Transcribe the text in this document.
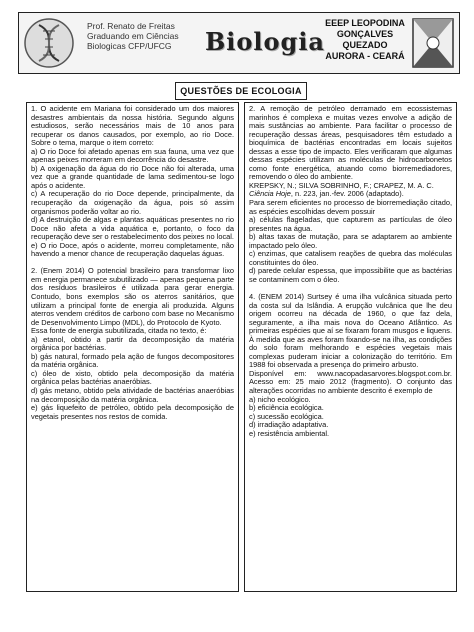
Prof. Renato de Freitas
Graduando em Ciências
Biologicas CFP/UFCG	Biologia
EEEP LEOPODINA
GONÇALVES
QUEZADO
AURORA - CEARÁ
QUESTÕES DE ECOLOGIA

1. O acidente em Mariana foi considerado um dos maiores desastres ambientais da nossa história. Segundo alguns estudiosos, serão necessários mais de 10 anos para recuperar os danos causados, por exemplo, ao rio Doce. Sobre o tema, marque o item correto:

a) O rio Doce foi afetado apenas em sua fauna, uma vez que apenas peixes morreram em decorrência do desastre.

b) A oxigenação da água do rio Doce não foi alterada, uma vez que a grande quantidade de lama sedimentou-se logo após o acidente.

c) A recuperação do rio Doce depende, principalmente, da recuperação da oxigenação da água, pois só assim organismos poderão voltar ao rio.

d) A destruição de algas e plantas aquáticas presentes no rio Doce não afeta a vida aquática e, portanto, o foco da recuperação deve ser o restabelecimento dos peixes no local.

e) O rio Doce, após o acidente, morreu completamente, não havendo a menor chance de recuperação daquelas águas.

2. (Enem 2014) O potencial brasileiro para transformar lixo em energia permanece subutilizado — apenas pequena parte dos resíduos brasileiros é utilizada para gerar energia. Contudo, bons exemplos são os aterros sanitários, que utilizam a principal fonte de energia ali produzida. Alguns aterros vendem créditos de carbono com base no Mecanismo de Desenvolvimento Limpo (MDL), do Protocolo de Kyoto.

Essa fonte de energia subutilizada, citada no texto, é:

a) etanol, obtido a partir da decomposição da matéria orgânica por bactérias.

b) gás natural, formado pela ação de fungos decompositores da matéria orgânica.

c) óleo de xisto, obtido pela decomposição da matéria orgânica pelas bactérias anaeróbias.

d) gás metano, obtido pela atividade de bactérias anaeróbias na decomposição da matéria orgânica.

e) gás liquefeito de petróleo, obtido pela decomposição de vegetais presentes nos restos de comida.

2. A remoção de petróleo derramado em ecossistemas marinhos é complexa e muitas vezes envolve a adição de mais sustâncias ao ambiente. Para facilitar o processo de recuperação dessas áreas, pesquisadores têm estudado a bioquímica de bactérias encontradas em locais sujeitos dessas a esse tipo de impacto. Eles verificaram que algumas dessas espécies utilizam as moléculas de hidrocarbonetos como fonte energética, atuando como biorremediadores, removendo o óleo do ambiente.

KREPSKY, N.; SILVA SOBRINHO, F.; CRAPEZ, M. A. C.
Ciência Hoje, n. 223, jan.-fev. 2006 (adaptado).

Para serem eficientes no processo de biorremediação citado, as espécies escolhidas devem possuir

a) células flageladas, que capturem as partículas de óleo presentes na água.

b) altas taxas de mutação, para se adaptarem ao ambiente impactado pelo óleo.

c) enzimas, que catalisem reações de quebra das moléculas constituintes do óleo.

d) parede celular espessa, que impossibilite que as bactérias se contaminem com o óleo.

4. (ENEM 2014) Surtsey é uma ilha vulcânica situada perto da costa sul da Islândia. A erupção vulcânica que lhe deu origem ocorreu na década de 1960, o que faz dela, seguramente, a ilha mais nova do Oceano Atlântico. As primeiras espécies que aí se fixaram foram musgos e liquens. À medida que as aves foram fixando-se na ilha, as condições do solo foram melhorando e espécies vegetais mais complexas puderam iniciar a colonização do território. Em 1988 foi observada a presença do primeiro arbusto.

Disponível em: www.nacopadasarvores.blogspot.com.br. Acesso em: 25 maio 2012 (fragmento). O conjunto das alterações ocorridas no ambiente descrito é exemplo de

a) nicho ecológico.

b) eficiência ecológica.

c) sucessão ecológica.

d) irradiação adaptativa.

e) resistência ambiental.
